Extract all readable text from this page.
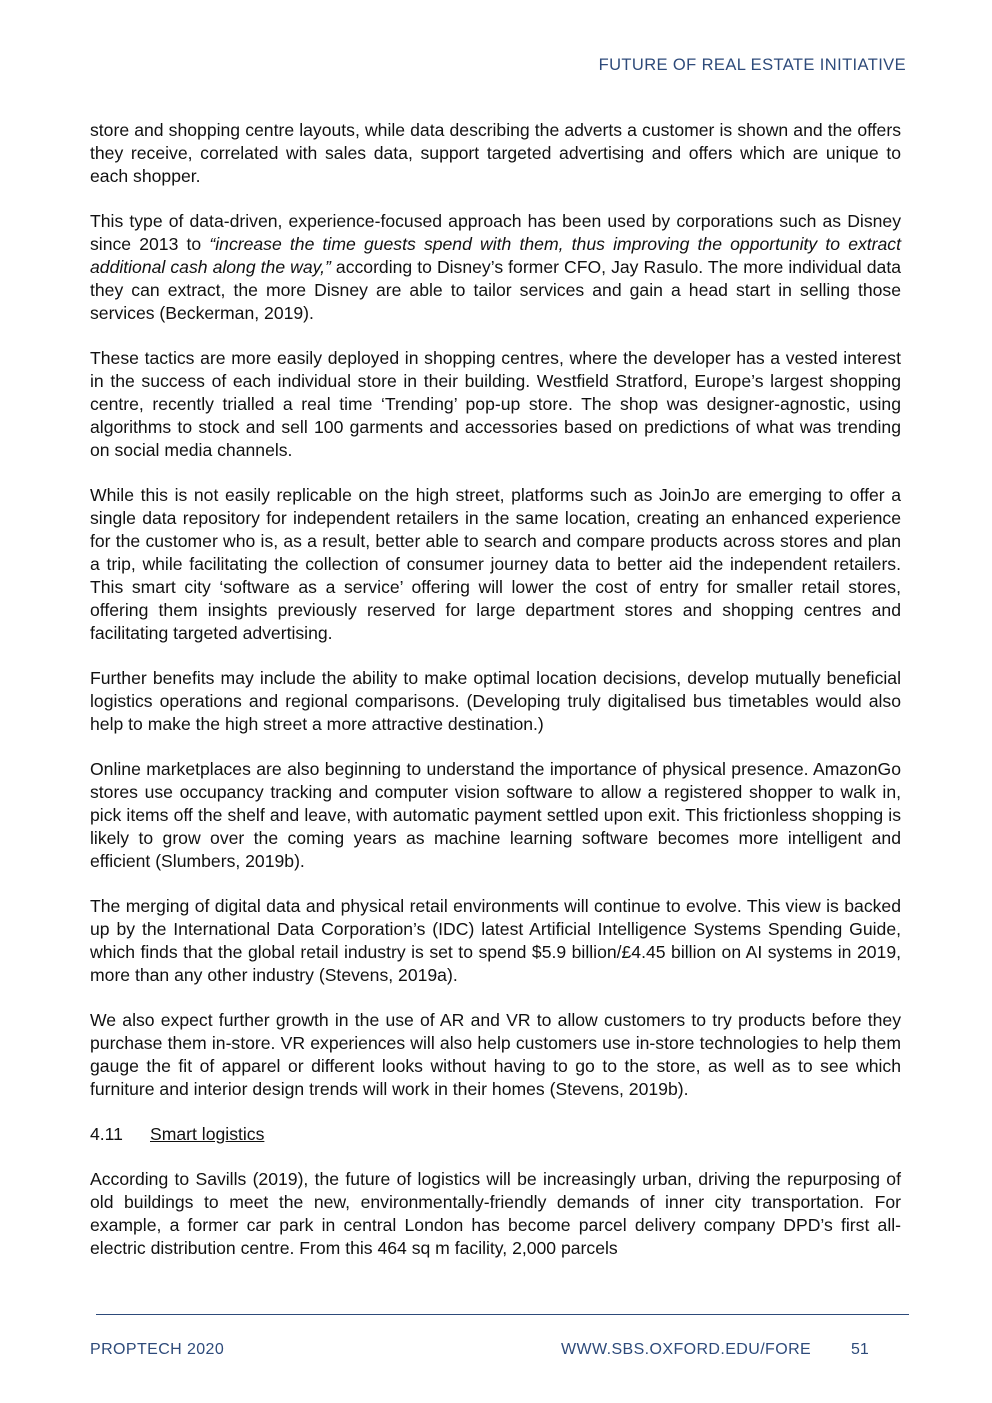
FUTURE OF REAL ESTATE INITIATIVE

store and shopping centre layouts, while data describing the adverts a customer is shown and the offers they receive, correlated with sales data, support targeted advertising and offers which are unique to each shopper.

This type of data-driven, experience-focused approach has been used by corporations such as Disney since 2013 to “increase the time guests spend with them, thus improving the opportunity to extract additional cash along the way,” according to Disney’s former CFO, Jay Rasulo. The more individual data they can extract, the more Disney are able to tailor services and gain a head start in selling those services (Beckerman, 2019).

These tactics are more easily deployed in shopping centres, where the developer has a vested interest in the success of each individual store in their building. Westfield Stratford, Europe’s largest shopping centre, recently trialled a real time ‘Trending’ pop-up store. The shop was designer-agnostic, using algorithms to stock and sell 100 garments and accessories based on predictions of what was trending on social media channels.

While this is not easily replicable on the high street, platforms such as JoinJo are emerging to offer a single data repository for independent retailers in the same location, creating an enhanced experience for the customer who is, as a result, better able to search and compare products across stores and plan a trip, while facilitating the collection of consumer journey data to better aid the independent retailers. This smart city ‘software as a service’ offering will lower the cost of entry for smaller retail stores, offering them insights previously reserved for large department stores and shopping centres and facilitating targeted advertising.

Further benefits may include the ability to make optimal location decisions, develop mutually beneficial logistics operations and regional comparisons. (Developing truly digitalised bus timetables would also help to make the high street a more attractive destination.)

Online marketplaces are also beginning to understand the importance of physical presence. AmazonGo stores use occupancy tracking and computer vision software to allow a registered shopper to walk in, pick items off the shelf and leave, with automatic payment settled upon exit. This frictionless shopping is likely to grow over the coming years as machine learning software becomes more intelligent and efficient (Slumbers, 2019b).

The merging of digital data and physical retail environments will continue to evolve. This view is backed up by the International Data Corporation’s (IDC) latest Artificial Intelligence Systems Spending Guide, which finds that the global retail industry is set to spend $5.9 billion/£4.45 billion on AI systems in 2019, more than any other industry (Stevens, 2019a).

We also expect further growth in the use of AR and VR to allow customers to try products before they purchase them in-store. VR experiences will also help customers use in-store technologies to help them gauge the fit of apparel or different looks without having to go to the store, as well as to see which furniture and interior design trends will work in their homes (Stevens, 2019b).

4.11 Smart logistics

According to Savills (2019), the future of logistics will be increasingly urban, driving the repurposing of old buildings to meet the new, environmentally-friendly demands of inner city transportation. For example, a former car park in central London has become parcel delivery company DPD’s first all-electric distribution centre. From this 464 sq m facility, 2,000 parcels

PROPTECH 2020	WWW.SBS.OXFORD.EDU/FORE 51
